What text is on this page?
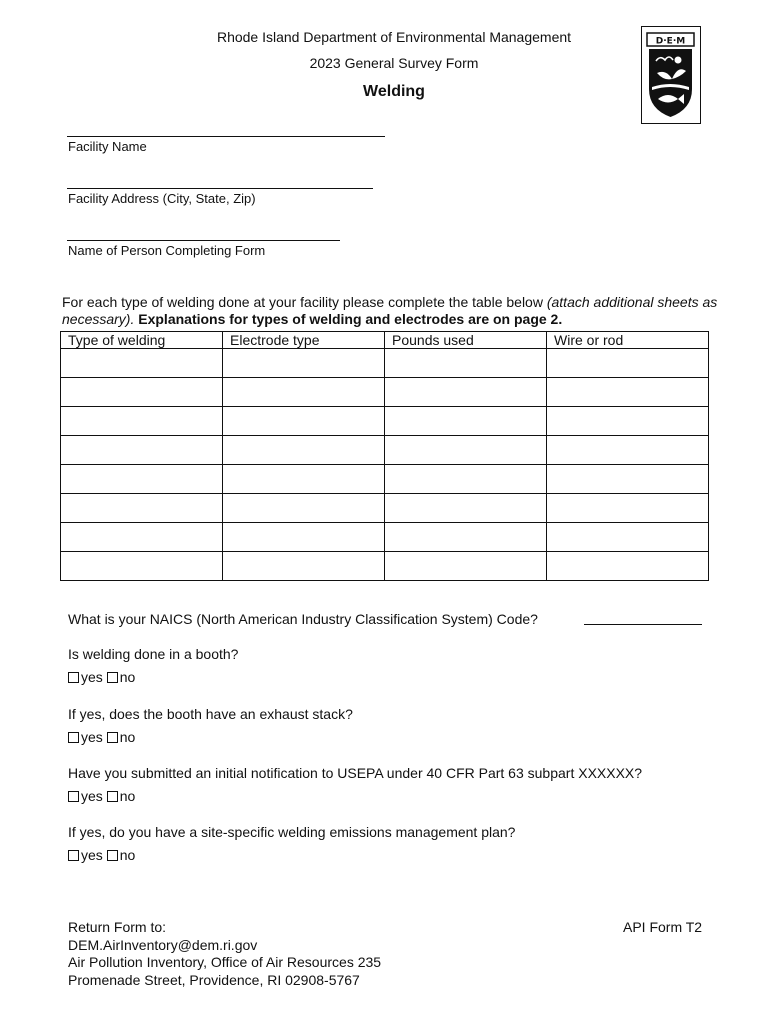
Rhode Island Department of Environmental Management
2023 General Survey Form
Welding
D·E·M
Facility Name
Facility Address (City, State, Zip)
Name of Person Completing Form
For each type of welding done at your facility please complete the table below (attach additional sheets as necessary). Explanations for types of welding and electrodes are on page 2.
Type of welding	Electrode type	Pounds used	Wire or rod

What is your NAICS (North American Industry Classification System) Code?
Is welding done in a booth?
yes no
If yes, does the booth have an exhaust stack?
yes no
Have you submitted an initial notification to USEPA under 40 CFR Part 63 subpart XXXXXX?
yes no
If yes, do you have a site-specific welding emissions management plan?
yes no
Return Form to:
DEM.AirInventory@dem.ri.gov
Air Pollution Inventory, Office of Air Resources 235
Promenade Street, Providence, RI 02908-5767
API Form T2
